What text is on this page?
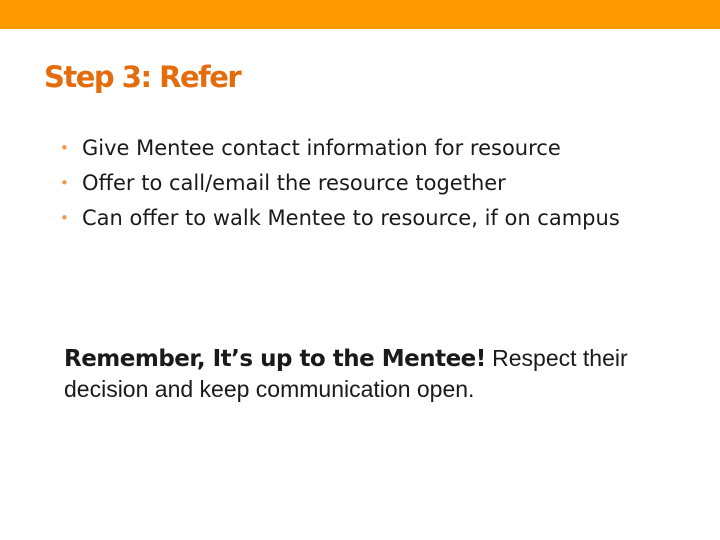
Step 3: Refer
• Give Mentee contact information for resource
• Offer to call/email the resource together
• Can offer to walk Mentee to resource, if on campus

Remember, It’s up to the Mentee! Respect their decision and keep communication open.
